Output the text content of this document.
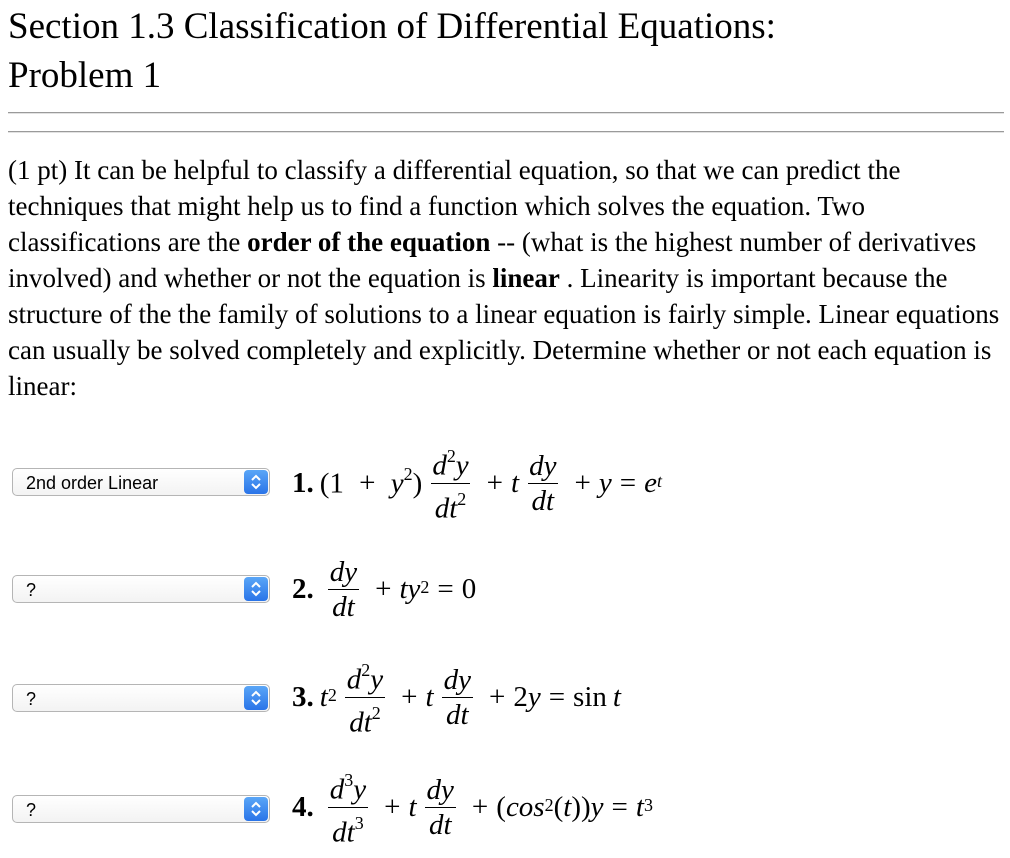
Section 1.3 Classification of Differential Equations:
Problem 1

(1 pt) It can be helpful to classify a differential equation, so that we can predict the techniques that might help us to find a function which solves the equation. Two classifications are the order of the equation -- (what is the highest number of derivatives involved) and whether or not the equation is linear . Linearity is important because the structure of the the family of solutions to a linear equation is fairly simple. Linear equations can usually be solved completely and explicitly. Determine whether or not each equation is linear:

2nd order Linear	1. $(1 + y^2) \frac{d^2y}{dt^2} + t \frac{dy}{dt} + y = e$ $^t$
?	2. $\frac{dy}{dt} + ty^2 = 0$
?	3. $t^2 \frac{d^2y}{dt^2} + t \frac{dy}{dt} + 2$ y = sin t
?	4. $\frac{d^3y}{dt^3} + t \frac{dy}{dt}$ + ( $\cos^2$ ( t )) $y = t^3$
